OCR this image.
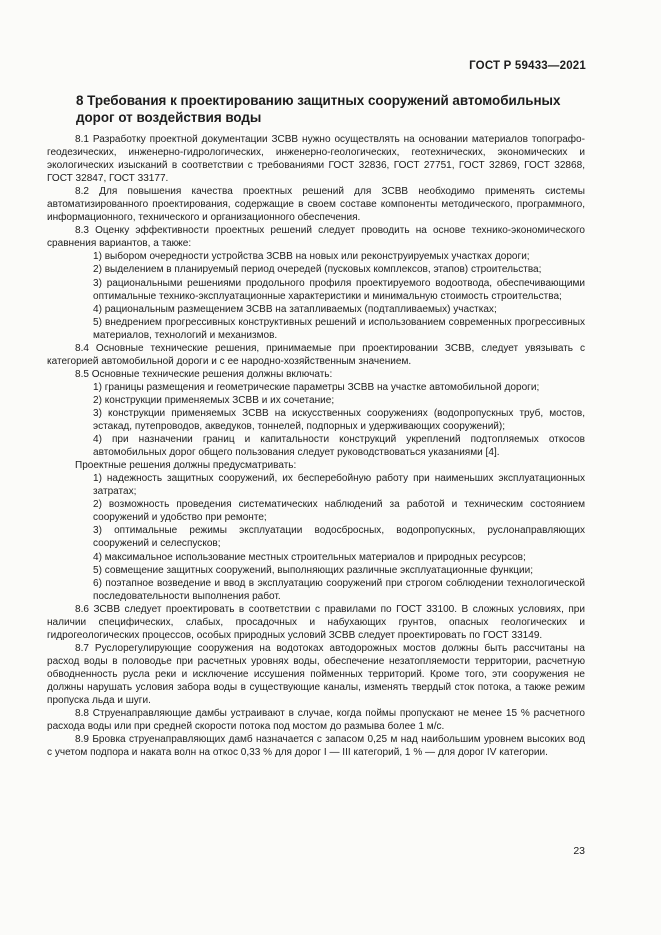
ГОСТ Р 59433—2021
8 Требования к проектированию защитных сооружений автомобильных дорог от воздействия воды

8.1 Разработку проектной документации ЗСВВ нужно осуществлять на основании материалов топографо-геодезических, инженерно-гидрологических, инженерно-геологических, геотехнических, экономических и экологических изысканий в соответствии с требованиями ГОСТ 32836, ГОСТ 27751, ГОСТ 32869, ГОСТ 32868, ГОСТ 32847, ГОСТ 33177.

8.2 Для повышения качества проектных решений для ЗСВВ необходимо применять системы автоматизированного проектирования, содержащие в своем составе компоненты методического, программного, информационного, технического и организационного обеспечения.

8.3 Оценку эффективности проектных решений следует проводить на основе технико-экономического сравнения вариантов, а также:

1) выбором очередности устройства ЗСВВ на новых или реконструируемых участках дороги;

2) выделением в планируемый период очередей (пусковых комплексов, этапов) строительства;

3) рациональными решениями продольного профиля проектируемого водоотвода, обеспечивающими оптимальные технико-эксплуатационные характеристики и минимальную стоимость строительства;

4) рациональным размещением ЗСВВ на затапливаемых (подтапливаемых) участках;

5) внедрением прогрессивных конструктивных решений и использованием современных прогрессивных материалов, технологий и механизмов.

8.4 Основные технические решения, принимаемые при проектировании ЗСВВ, следует увязывать с категорией автомобильной дороги и с ее народно-хозяйственным значением.

8.5 Основные технические решения должны включать:

1) границы размещения и геометрические параметры ЗСВВ на участке автомобильной дороги;

2) конструкции применяемых ЗСВВ и их сочетание;

3) конструкции применяемых ЗСВВ на искусственных сооружениях (водопропускных труб, мостов, эстакад, путепроводов, акведуков, тоннелей, подпорных и удерживающих сооружений);

4) при назначении границ и капитальности конструкций укреплений подтопляемых откосов автомобильных дорог общего пользования следует руководствоваться указаниями [4].

Проектные решения должны предусматривать:

1) надежность защитных сооружений, их бесперебойную работу при наименьших эксплуатационных затратах;

2) возможность проведения систематических наблюдений за работой и техническим состоянием сооружений и удобство при ремонте;

3) оптимальные режимы эксплуатации водосбросных, водопропускных, руслонаправляющих сооружений и селеспусков;

4) максимальное использование местных строительных материалов и природных ресурсов;

5) совмещение защитных сооружений, выполняющих различные эксплуатационные функции;

6) поэтапное возведение и ввод в эксплуатацию сооружений при строгом соблюдении технологической последовательности выполнения работ.

8.6 ЗСВВ следует проектировать в соответствии с правилами по ГОСТ 33100. В сложных условиях, при наличии специфических, слабых, просадочных и набухающих грунтов, опасных геологических и гидрогеологических процессов, особых природных условий ЗСВВ следует проектировать по ГОСТ 33149.

8.7 Руслорегулирующие сооружения на водотоках автодорожных мостов должны быть рассчитаны на расход воды в половодье при расчетных уровнях воды, обеспечение незатопляемости территории, расчетную обводненность русла реки и исключение иссушения пойменных территорий. Кроме того, эти сооружения не должны нарушать условия забора воды в существующие каналы, изменять твердый сток потока, а также режим пропуска льда и шуги.

8.8 Струенаправляющие дамбы устраивают в случае, когда поймы пропускают не менее 15 % расчетного расхода воды или при средней скорости потока под мостом до размыва более 1 м/с.

8.9 Бровка струенаправляющих дамб назначается с запасом 0,25 м над наибольшим уровнем высоких вод с учетом подпора и наката волн на откос 0,33 % для дорог I — III категорий, 1 % — для дорог IV категории.

23
